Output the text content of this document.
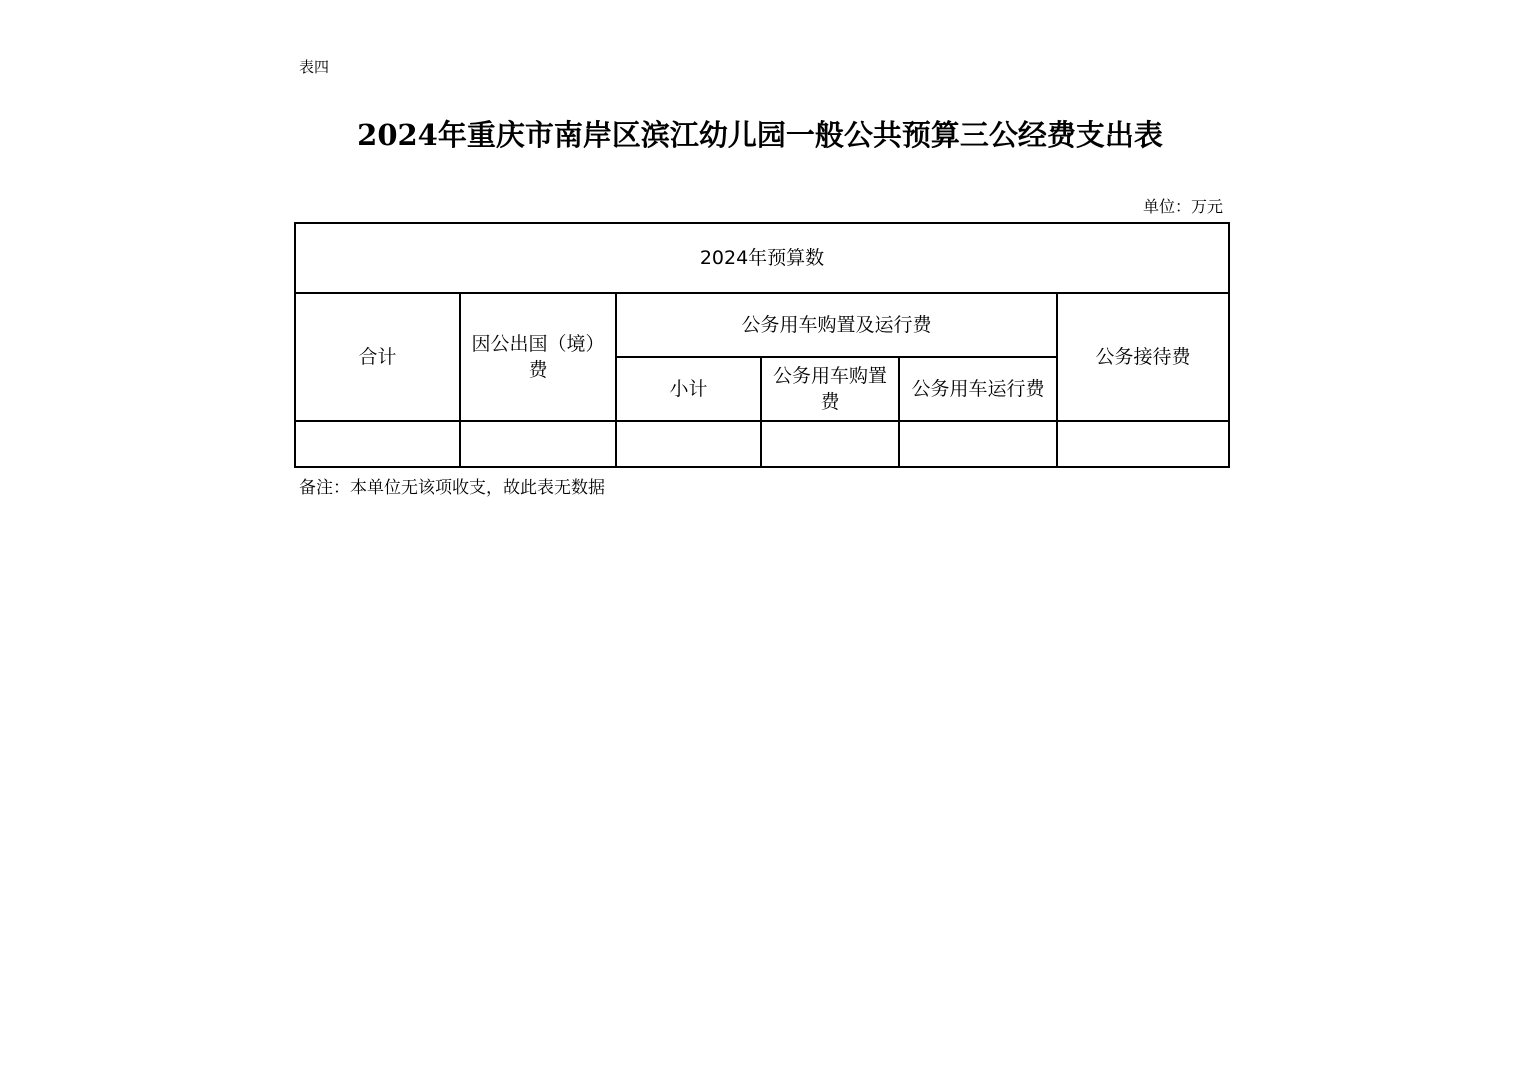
表四
2024年重庆市南岸区滨江幼儿园一般公共预算三公经费支出表
单位：万元
2024年预算数					
合计	因公出国（境）费	公务用车购置及运行费			公务接待费
		小计	公务用车购置费	公务用车运行费	

备注：本单位无该项收支，故此表无数据
